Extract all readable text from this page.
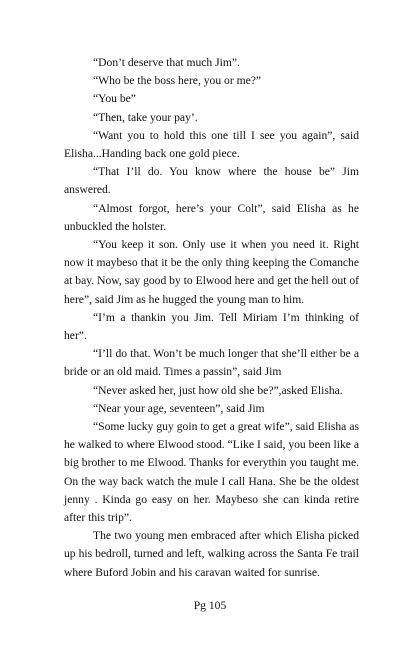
“Don’t deserve that much Jim”.

“Who be the boss here, you or me?”

“You be”

“Then, take your pay’.

“Want you to hold this one till I see you again”, said Elisha...Handing back one gold piece.

“That I’ll do. You know where the house be” Jim answered.

“Almost forgot, here’s your Colt”, said Elisha as he unbuckled the holster.

“You keep it son. Only use it when you need it. Right now it maybeso that it be the only thing keeping the Comanche at bay. Now, say good by to Elwood here and get the hell out of here”, said Jim as he hugged the young man to him.

“I’m a thankin you Jim. Tell Miriam I’m thinking of her”.

“I’ll do that. Won’t be much longer that she’ll either be a bride or an old maid. Times a passin”, said Jim

“Never asked her, just how old she be?”,asked Elisha.

“Near your age, seventeen”, said Jim

“Some lucky guy goin to get a great wife”, said Elisha as he walked to where Elwood stood. “Like I said, you been like a big brother to me Elwood. Thanks for everythin you taught me. On the way back watch the mule I call Hana. She be the oldest jenny . Kinda go easy on her. Maybeso she can kinda retire after this trip”.

The two young men embraced after which Elisha picked up his bedroll, turned and left, walking across the Santa Fe trail where Buford Jobin and his caravan waited for sunrise.

Pg 105
